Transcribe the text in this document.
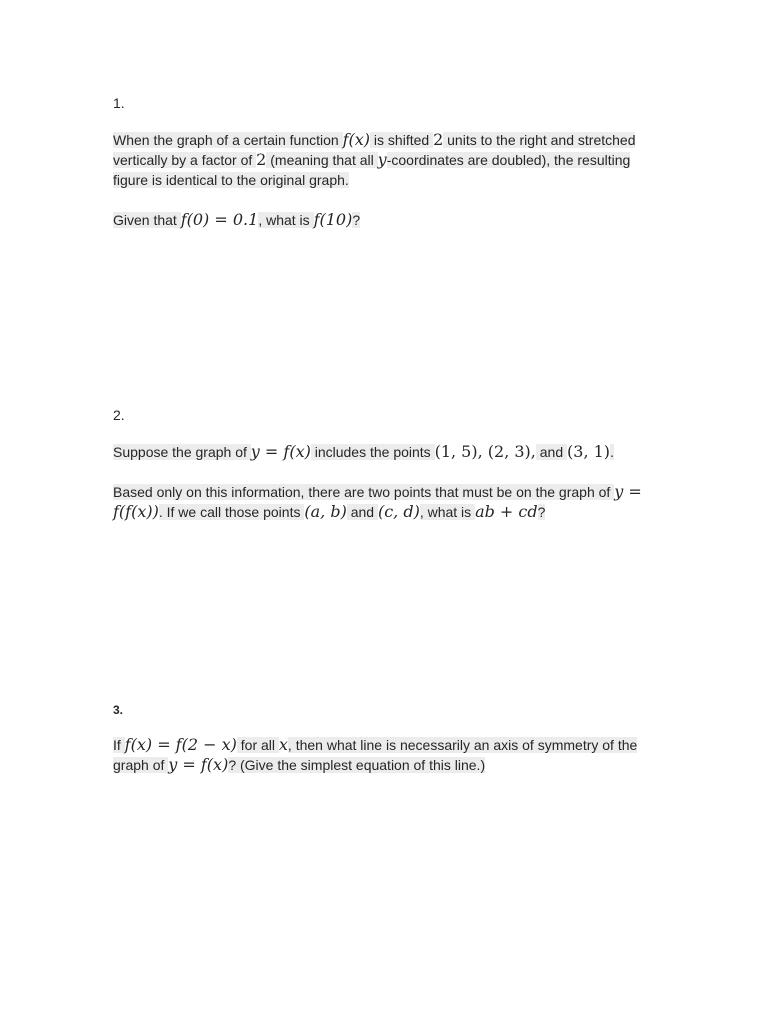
1.

When the graph of a certain function f(x) is shifted 2 units to the right and stretched vertically by a factor of 2 (meaning that all y-coordinates are doubled), the resulting figure is identical to the original graph.

Given that f(0) = 0.1, what is f(10)?

2.

Suppose the graph of y = f(x) includes the points (1, 5), (2, 3), and (3, 1).

Based only on this information, there are two points that must be on the graph of y = f(f(x)). If we call those points (a, b) and (c, d), what is ab + cd?

3.

If f(x) = f(2 − x) for all x, then what line is necessarily an axis of symmetry of the graph of y = f(x)? (Give the simplest equation of this line.)
